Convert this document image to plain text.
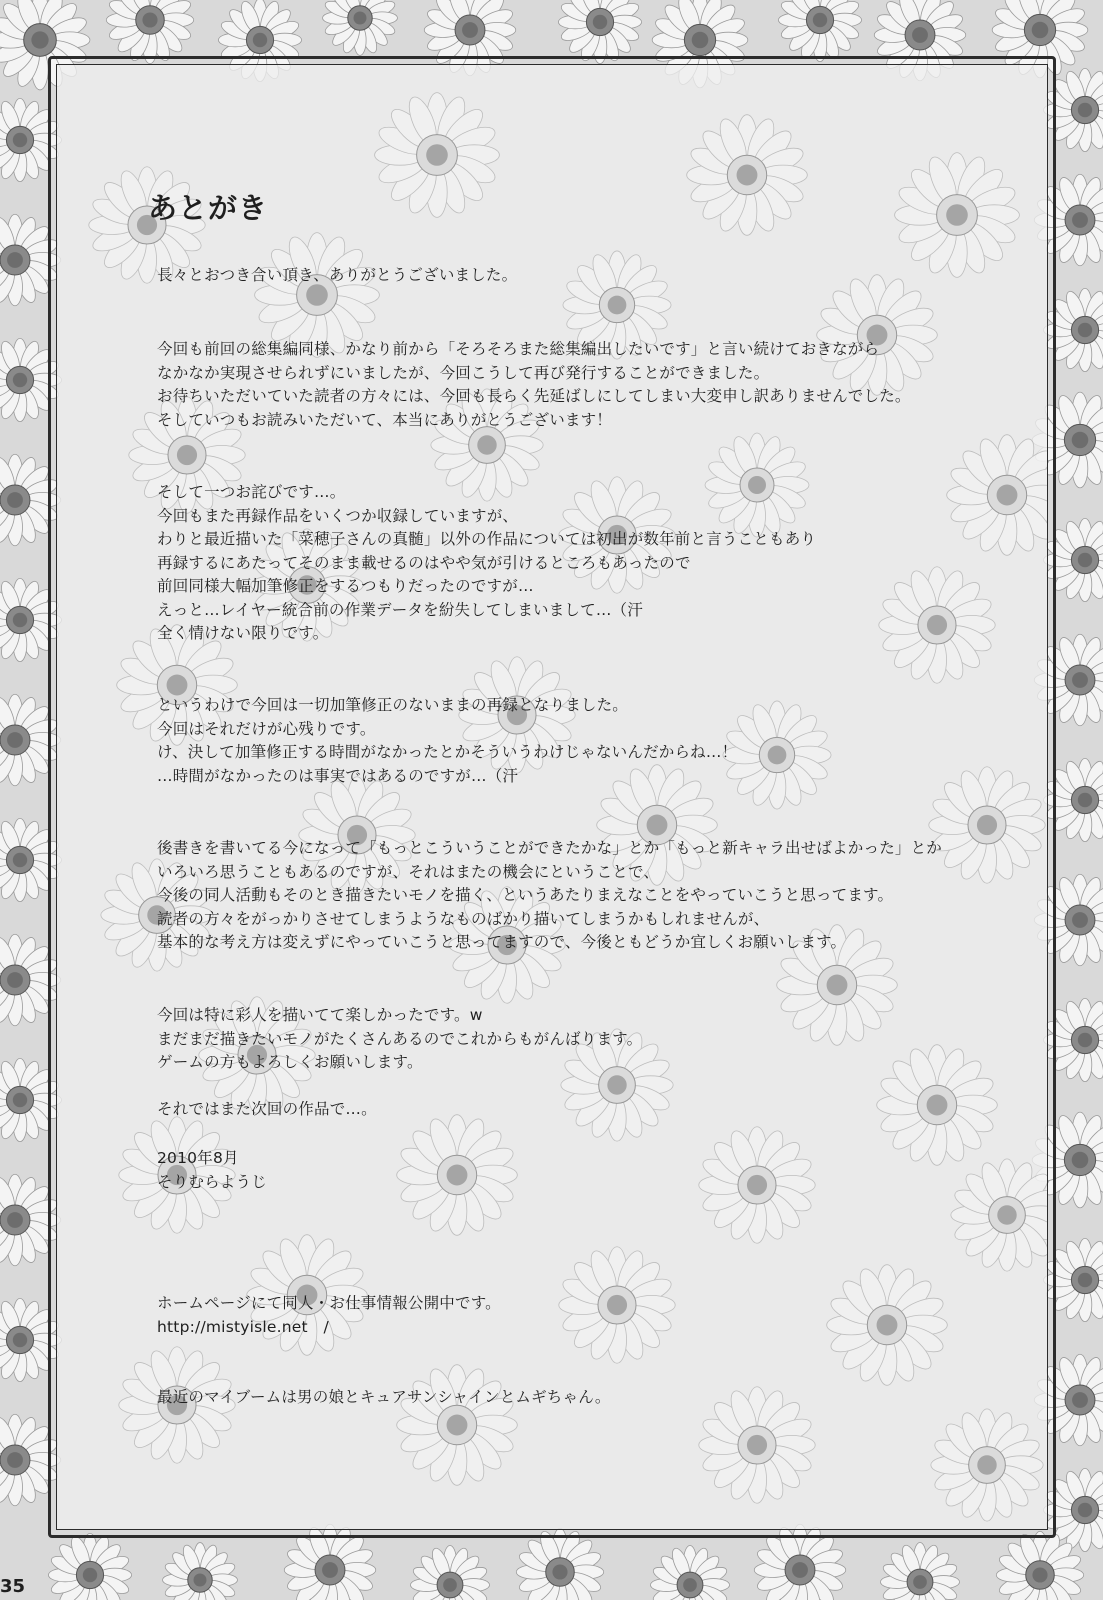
あとがき
長々とおつき合い頂き、ありがとうございました。
今回も前回の総集編同様、かなり前から「そろそろまた総集編出したいです」と言い続けておきながら
なかなか実現させられずにいましたが、今回こうして再び発行することができました。
お待ちいただいていた読者の方々には、今回も長らく先延ばしにしてしまい大変申し訳ありませんでした。
そしていつもお読みいただいて、本当にありがとうございます！
そして一つお詫びです…。
今回もまた再録作品をいくつか収録していますが、
わりと最近描いた「菜穂子さんの真髄」以外の作品については初出が数年前と言うこともあり
再録するにあたってそのまま載せるのはやや気が引けるところもあったので
前回同様大幅加筆修正をするつもりだったのですが…
えっと…レイヤー統合前の作業データを紛失してしまいまして…（汗
全く情けない限りです。
というわけで今回は一切加筆修正のないままの再録となりました。
今回はそれだけが心残りです。
け、決して加筆修正する時間がなかったとかそういうわけじゃないんだからね…！
…時間がなかったのは事実ではあるのですが…（汗
後書きを書いてる今になって「もっとこういうことができたかな」とか「もっと新キャラ出せばよかった」とか
いろいろ思うこともあるのですが、それはまたの機会にということで、
今後の同人活動もそのとき描きたいモノを描く、というあたりまえなことをやっていこうと思ってます。
読者の方々をがっかりさせてしまうようなものばかり描いてしまうかもしれませんが、
基本的な考え方は変えずにやっていこうと思ってますので、今後ともどうか宜しくお願いします。
今回は特に彩人を描いてて楽しかったです。w
まだまだ描きたいモノがたくさんあるのでこれからもがんばります。
ゲームの方もよろしくお願いします。
それではまた次回の作品で…。
2010年8月
そりむらようじ
ホームページにて同人・お仕事情報公開中です。
http://mistyisle.net　/
最近のマイブームは男の娘とキュアサンシャインとムギちゃん。
35
